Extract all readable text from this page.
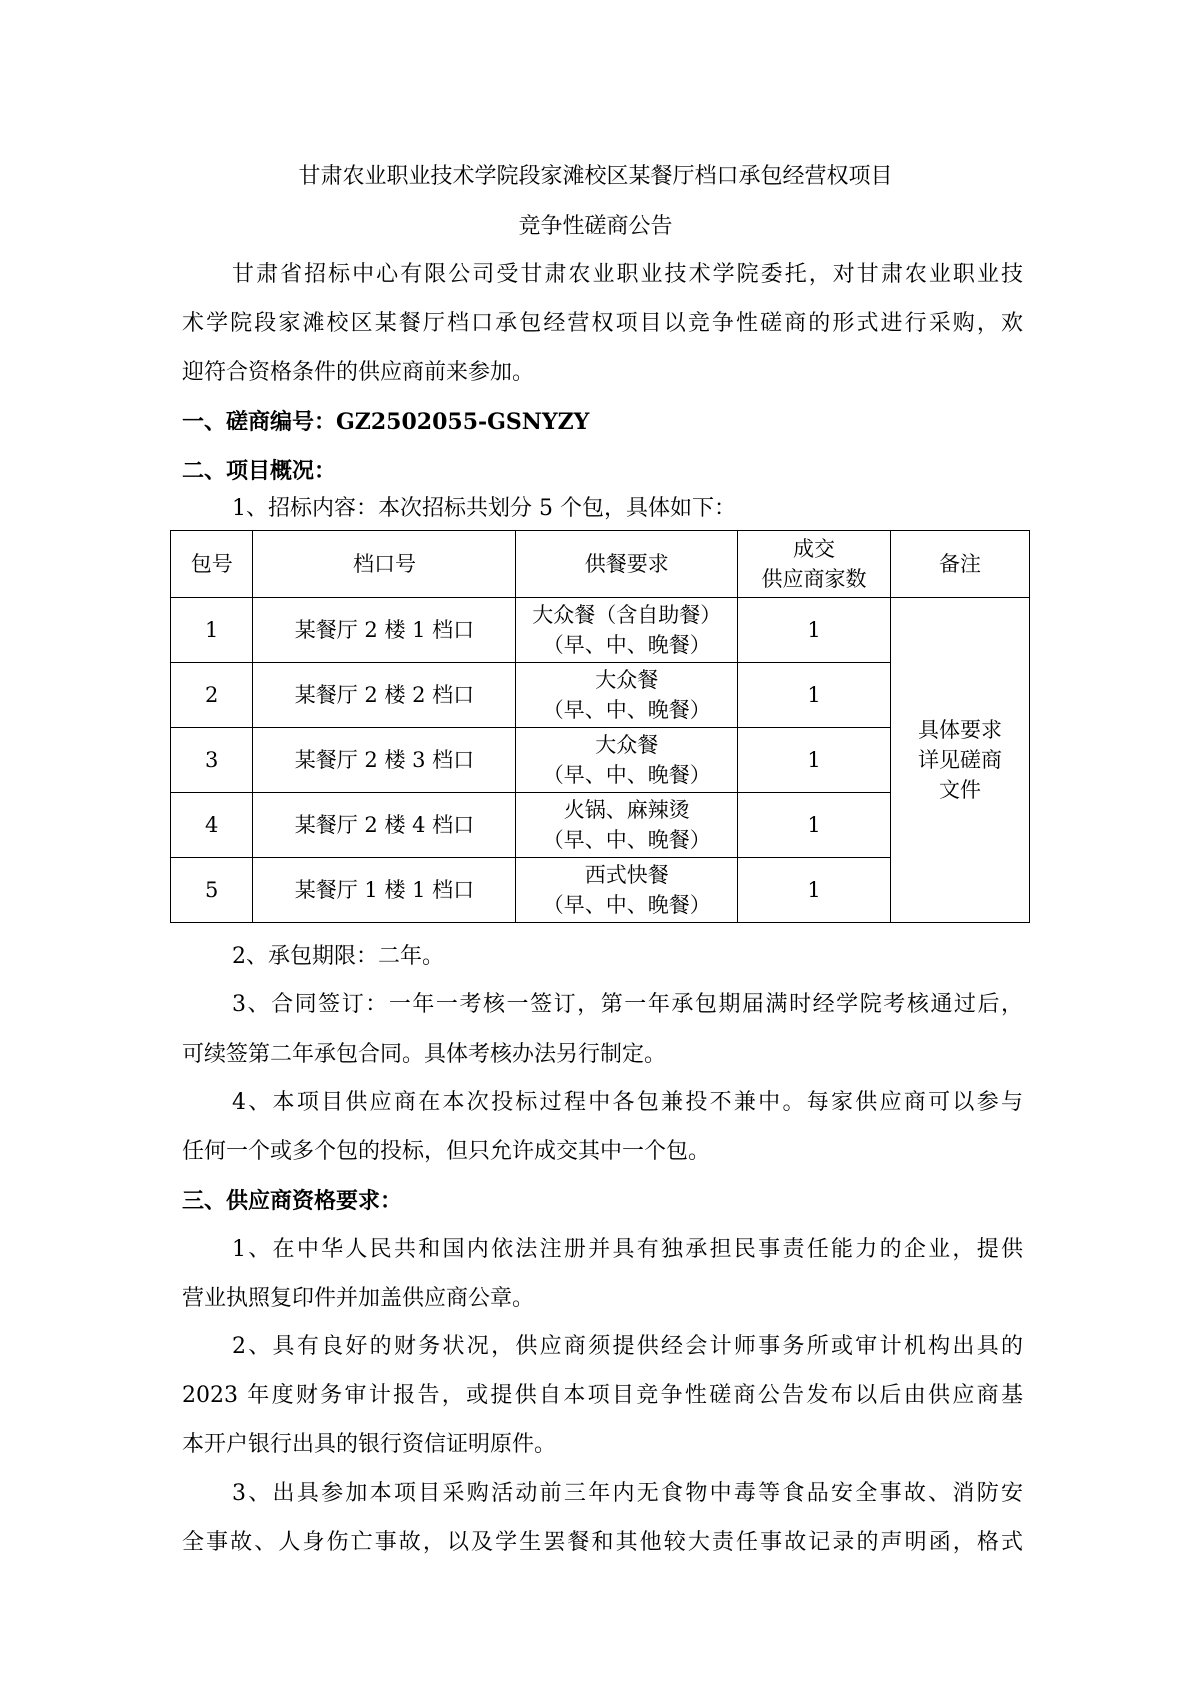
甘肃农业职业技术学院段家滩校区某餐厅档口承包经营权项目
竞争性磋商公告
甘肃省招标中心有限公司受甘肃农业职业技术学院委托，对甘肃农业职业技
术学院段家滩校区某餐厅档口承包经营权项目以竞争性磋商的形式进行采购，欢
迎符合资格条件的供应商前来参加。
一、磋商编号：GZ2502055-GSNYZY
二、项目概况：
1、招标内容：本次招标共划分 5 个包，具体如下：
包号	档口号	供餐要求	成交
供应商家数	备注
1	某餐厅 2 楼 1 档口	大众餐（含自助餐）
（早、中、晚餐）	1	具体要求
详见磋商
文件

2	某餐厅 2 楼 2 档口	大众餐
（早、中、晚餐）	1	
3	某餐厅 2 楼 3 档口	大众餐
（早、中、晚餐）	1	
4	某餐厅 2 楼 4 档口	火锅、麻辣烫
（早、中、晚餐）	1	
5	某餐厅 1 楼 1 档口	西式快餐
（早、中、晚餐）	1	
2、承包期限：二年。
3、合同签订：一年一考核一签订，第一年承包期届满时经学院考核通过后，
可续签第二年承包合同。具体考核办法另行制定。
4、本项目供应商在本次投标过程中各包兼投不兼中。每家供应商可以参与
任何一个或多个包的投标，但只允许成交其中一个包。
三、供应商资格要求：
1、在中华人民共和国内依法注册并具有独承担民事责任能力的企业，提供
营业执照复印件并加盖供应商公章。
2、具有良好的财务状况，供应商须提供经会计师事务所或审计机构出具的
2023 年度财务审计报告，或提供自本项目竞争性磋商公告发布以后由供应商基
本开户银行出具的银行资信证明原件。
3、出具参加本项目采购活动前三年内无食物中毒等食品安全事故、消防安
全事故、人身伤亡事故，以及学生罢餐和其他较大责任事故记录的声明函，格式
